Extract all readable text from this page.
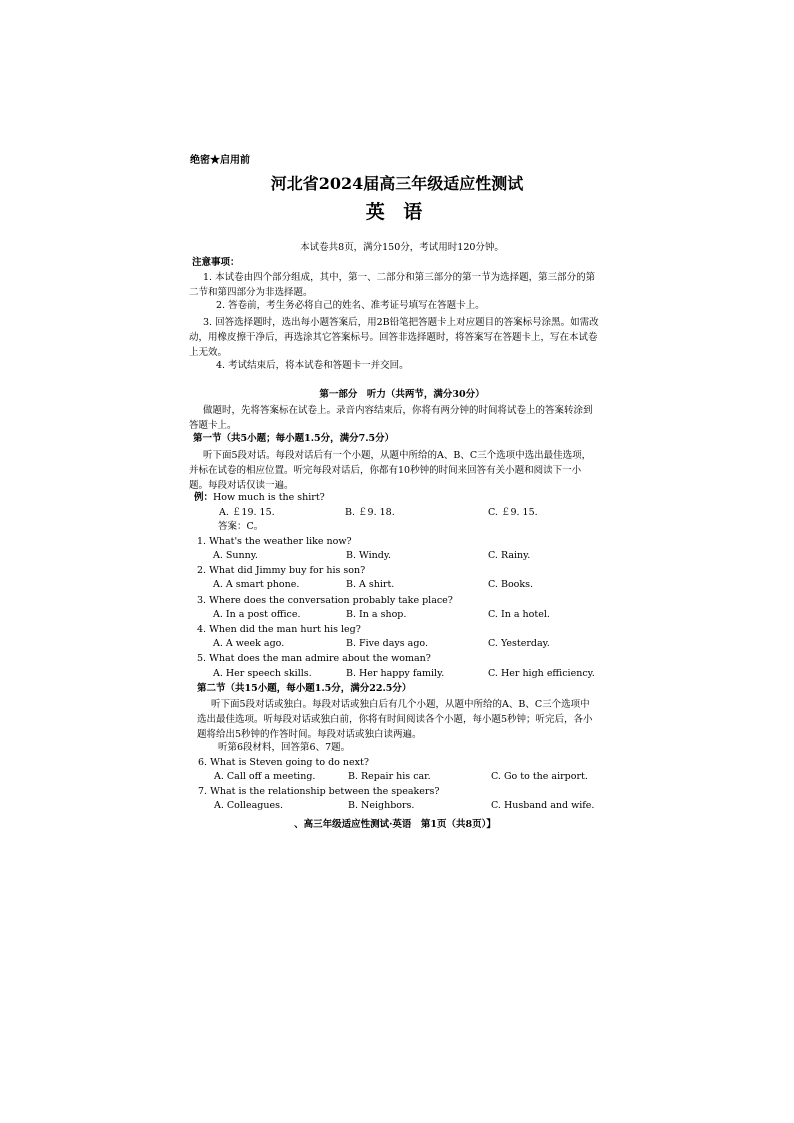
绝密★启用前
河北省2024届高三年级适应性测试
英 语
本试卷共8页，满分150分，考试用时120分钟。
注意事项：
1. 本试卷由四个部分组成，其中，第一、二部分和第三部分的第一节为选择题，第三部分的第二节和第四部分为非选择题。
2. 答卷前，考生务必将自己的姓名、准考证号填写在答题卡上。
3. 回答选择题时，选出每小题答案后，用2B铅笔把答题卡上对应题目的答案标号涂黑。如需改动，用橡皮擦干净后，再选涂其它答案标号。回答非选择题时，将答案写在答题卡上，写在本试卷上无效。
4. 考试结束后，将本试卷和答题卡一并交回。
第一部分　听力（共两节，满分30分）
做题时，先将答案标在试卷上。录音内容结束后，你将有两分钟的时间将试卷上的答案转涂到答题卡上。
第一节（共5小题；每小题1.5分，满分7.5分）
听下面5段对话。每段对话后有一个小题，从题中所给的A、B、C三个选项中选出最佳选项，并标在试卷的相应位置。听完每段对话后，你都有10秒钟的时间来回答有关小题和阅读下一小题。每段对话仅读一遍。
例：How much is the shirt?
A. ￡19. 15.	B. ￡9. 18.	C. ￡9. 15.
答案：C。
1. What's the weather like now?
A. Sunny.	B. Windy.	C. Rainy.
2. What did Jimmy buy for his son?
A. A smart phone.	B. A shirt.	C. Books.
3. Where does the conversation probably take place?
A. In a post office.	B. In a shop.	C. In a hotel.
4. When did the man hurt his leg?
A. A week ago.	B. Five days ago.	C. Yesterday.
5. What does the man admire about the woman?
A. Her speech skills.	B. Her happy family.	C. Her high efficiency.
第二节（共15小题，每小题1.5分，满分22.5分）
听下面5段对话或独白。每段对话或独白后有几个小题，从题中所给的A、B、C三个选项中选出最佳选项。听每段对话或独白前，你将有时间阅读各个小题，每小题5秒钟；听完后，各小题将给出5秒钟的作答时间。每段对话或独白读两遍。
听第6段材料，回答第6、7题。
6. What is Steven going to do next?
A. Call off a meeting.	B. Repair his car.	C. Go to the airport.
7. What is the relationship between the speakers?
A. Colleagues.	B. Neighbors.	C. Husband and wife.
、高三年级适应性测试·英语　第1页（共8页）】
